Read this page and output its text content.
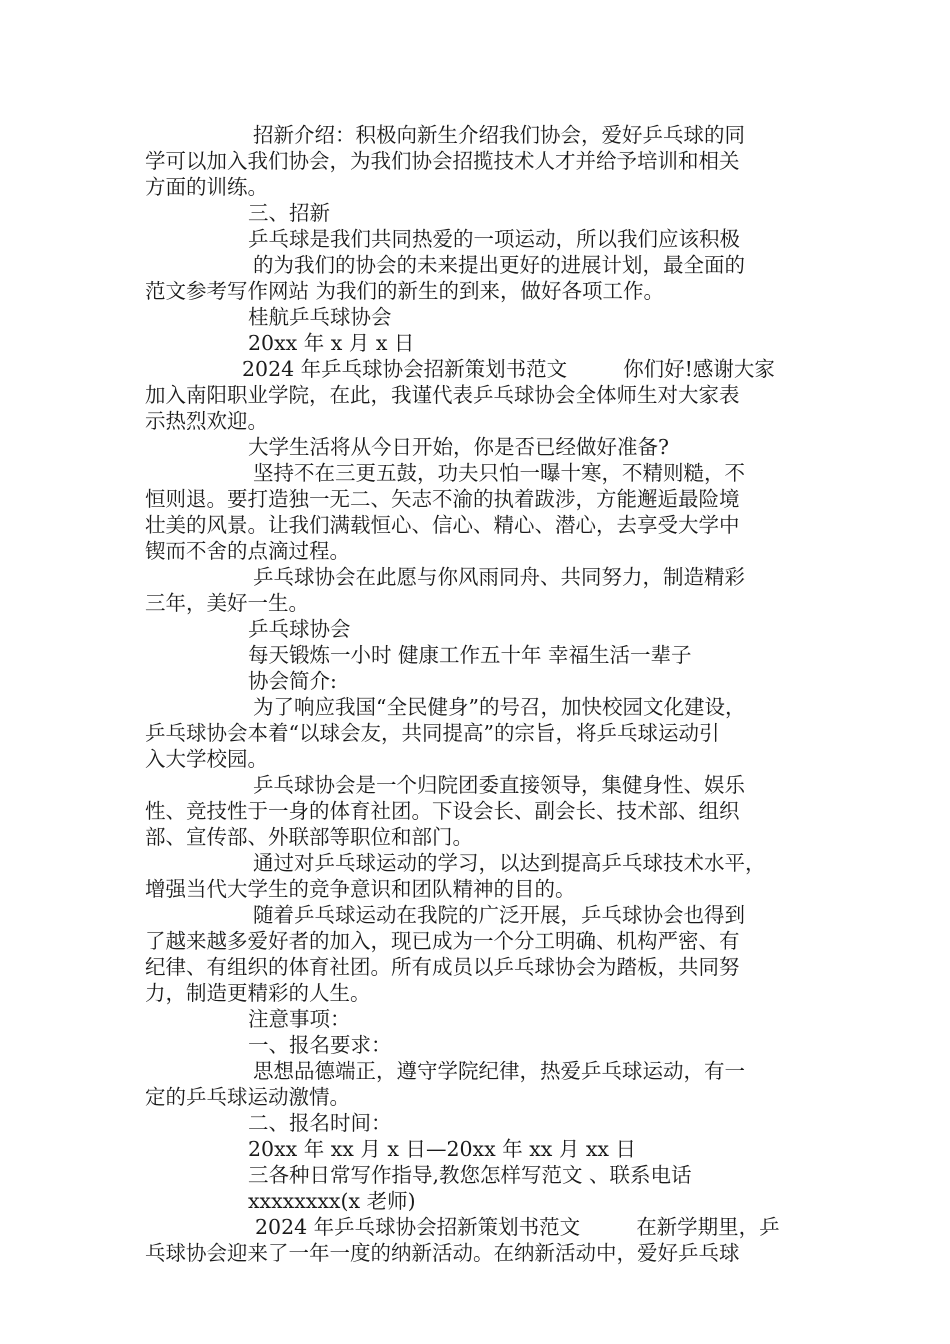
招新介绍：积极向新生介绍我们协会，爱好乒乓球的同
学可以加入我们协会，为我们协会招揽技术人才并给予培训和相关
方面的训练。
三、招新
乒乓球是我们共同热爱的一项运动，所以我们应该积极
的为我们的协会的未来提出更好的进展计划，最全面的
范文参考写作网站 为我们的新生的到来，做好各项工作。
桂航乒乓球协会
20xx 年 x 月 x 日
2024 年乒乓球协会招新策划书范文	你们好!感谢大家
加入南阳职业学院，在此，我谨代表乒乓球协会全体师生对大家表
示热烈欢迎。
大学生活将从今日开始，你是否已经做好准备?
坚持不在三更五鼓，功夫只怕一曝十寒，不精则糙，不
恒则退。要打造独一无二、矢志不渝的执着跋涉，方能邂逅最险境
壮美的风景。让我们满载恒心、信心、精心、潜心，去享受大学中
锲而不舍的点滴过程。
乒乓球协会在此愿与你风雨同舟、共同努力，制造精彩
三年，美好一生。
乒乓球协会
每天锻炼一小时 健康工作五十年 幸福生活一辈子
协会简介:
为了响应我国“全民健身”的号召，加快校园文化建设，
乒乓球协会本着“以球会友，共同提高”的宗旨，将乒乓球运动引
入大学校园。
乒乓球协会是一个归院团委直接领导，集健身性、娱乐
性、竞技性于一身的体育社团。下设会长、副会长、技术部、组织
部、宣传部、外联部等职位和部门。
通过对乒乓球运动的学习，以达到提高乒乓球技术水平，
增强当代大学生的竞争意识和团队精神的目的。
随着乒乓球运动在我院的广泛开展，乒乓球协会也得到
了越来越多爱好者的加入，现已成为一个分工明确、机构严密、有
纪律、有组织的体育社团。所有成员以乒乓球协会为踏板，共同努
力，制造更精彩的人生。
注意事项：
一、报名要求：
思想品德端正，遵守学院纪律，热爱乒乓球运动，有一
定的乒乓球运动激情。
二、报名时间：
20xx 年 xx 月 x 日—20xx 年 xx 月 xx 日
三各种日常写作指导,教您怎样写范文 、联系电话
xxxxxxxx(x 老师)
2024 年乒乓球协会招新策划书范文	在新学期里，乒
乓球协会迎来了一年一度的纳新活动。在纳新活动中，爱好乒乓球
